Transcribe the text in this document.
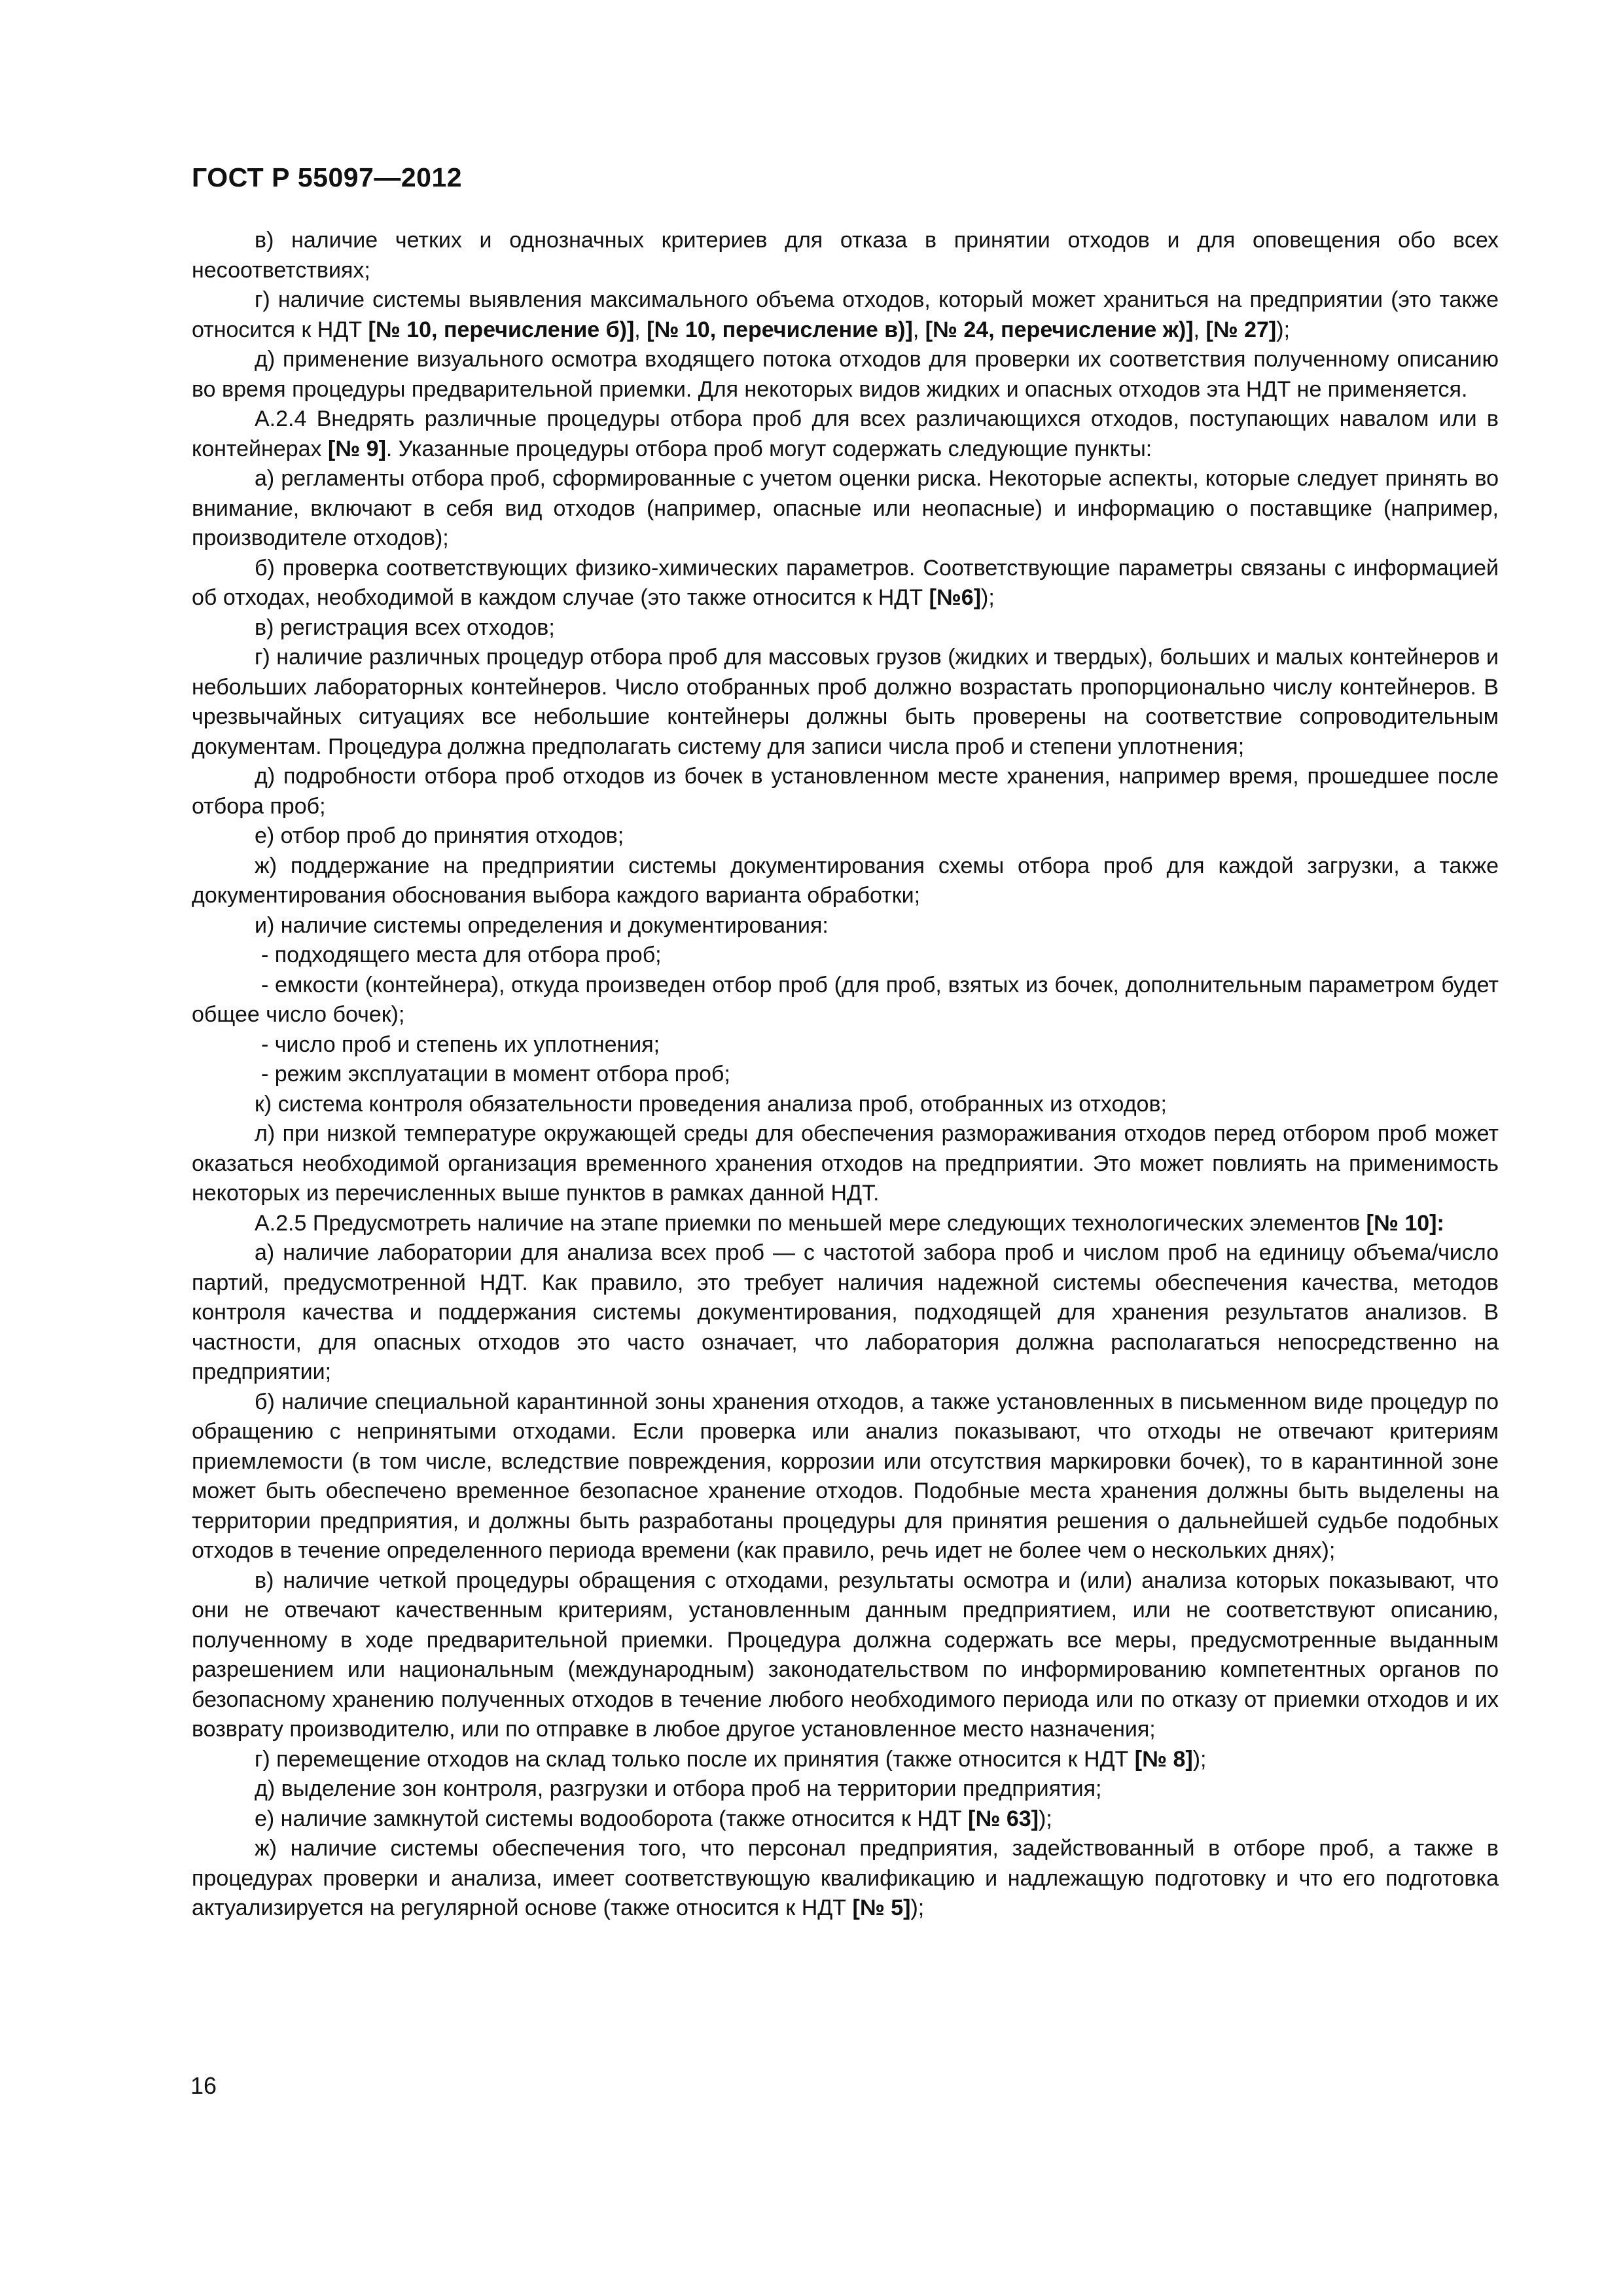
ГОСТ Р 55097—2012

в) наличие четких и однозначных критериев для отказа в принятии отходов и для оповещения обо всех несоответствиях;

г) наличие системы выявления максимального объема отходов, который может храниться на предприятии (это также относится к НДТ [№ 10, перечисление б)], [№ 10, перечисление в)], [№ 24, перечисление ж)], [№ 27]);

д) применение визуального осмотра входящего потока отходов для проверки их соответствия полученному описанию во время процедуры предварительной приемки. Для некоторых видов жидких и опасных отходов эта НДТ не применяется.

А.2.4 Внедрять различные процедуры отбора проб для всех различающихся отходов, поступающих навалом или в контейнерах [№ 9]. Указанные процедуры отбора проб могут содержать следующие пункты:

а) регламенты отбора проб, сформированные с учетом оценки риска. Некоторые аспекты, которые следует принять во внимание, включают в себя вид отходов (например, опасные или неопасные) и информацию о поставщике (например, производителе отходов);

б) проверка соответствующих физико-химических параметров. Соответствующие параметры связаны с информацией об отходах, необходимой в каждом случае (это также относится к НДТ [№6]);

в) регистрация всех отходов;

г) наличие различных процедур отбора проб для массовых грузов (жидких и твердых), больших и малых контейнеров и небольших лабораторных контейнеров. Число отобранных проб должно возрастать пропорционально числу контейнеров. В чрезвычайных ситуациях все небольшие контейнеры должны быть проверены на соответствие сопроводительным документам. Процедура должна предполагать систему для записи числа проб и степени уплотнения;

д) подробности отбора проб отходов из бочек в установленном месте хранения, например время, прошедшее после отбора проб;

е) отбор проб до принятия отходов;

ж) поддержание на предприятии системы документирования схемы отбора проб для каждой загрузки, а также документирования обоснования выбора каждого варианта обработки;

и) наличие системы определения и документирования:

- подходящего места для отбора проб;

- емкости (контейнера), откуда произведен отбор проб (для проб, взятых из бочек, дополнительным параметром будет общее число бочек);

- число проб и степень их уплотнения;

- режим эксплуатации в момент отбора проб;

к) система контроля обязательности проведения анализа проб, отобранных из отходов;

л) при низкой температуре окружающей среды для обеспечения размораживания отходов перед отбором проб может оказаться необходимой организация временного хранения отходов на предприятии. Это может повлиять на применимость некоторых из перечисленных выше пунктов в рамках данной НДТ.

А.2.5 Предусмотреть наличие на этапе приемки по меньшей мере следующих технологических элементов [№ 10]:

а) наличие лаборатории для анализа всех проб — с частотой забора проб и числом проб на единицу объема/число партий, предусмотренной НДТ. Как правило, это требует наличия надежной системы обеспечения качества, методов контроля качества и поддержания системы документирования, подходящей для хранения результатов анализов. В частности, для опасных отходов это часто означает, что лаборатория должна располагаться непосредственно на предприятии;

б) наличие специальной карантинной зоны хранения отходов, а также установленных в письменном виде процедур по обращению с непринятыми отходами. Если проверка или анализ показывают, что отходы не отвечают критериям приемлемости (в том числе, вследствие повреждения, коррозии или отсутствия маркировки бочек), то в карантинной зоне может быть обеспечено временное безопасное хранение отходов. Подобные места хранения должны быть выделены на территории предприятия, и должны быть разработаны процедуры для принятия решения о дальнейшей судьбе подобных отходов в течение определенного периода времени (как правило, речь идет не более чем о нескольких днях);

в) наличие четкой процедуры обращения с отходами, результаты осмотра и (или) анализа которых показывают, что они не отвечают качественным критериям, установленным данным предприятием, или не соответствуют описанию, полученному в ходе предварительной приемки. Процедура должна содержать все меры, предусмотренные выданным разрешением или национальным (международным) законодательством по информированию компетентных органов по безопасному хранению полученных отходов в течение любого необходимого периода или по отказу от приемки отходов и их возврату производителю, или по отправке в любое другое установленное место назначения;

г) перемещение отходов на склад только после их принятия (также относится к НДТ [№ 8]);

д) выделение зон контроля, разгрузки и отбора проб на территории предприятия;

е) наличие замкнутой системы водооборота (также относится к НДТ [№ 63]);

ж) наличие системы обеспечения того, что персонал предприятия, задействованный в отборе проб, а также в процедурах проверки и анализа, имеет соответствующую квалификацию и надлежащую подготовку и что его подготовка актуализируется на регулярной основе (также относится к НДТ [№ 5]);

16
